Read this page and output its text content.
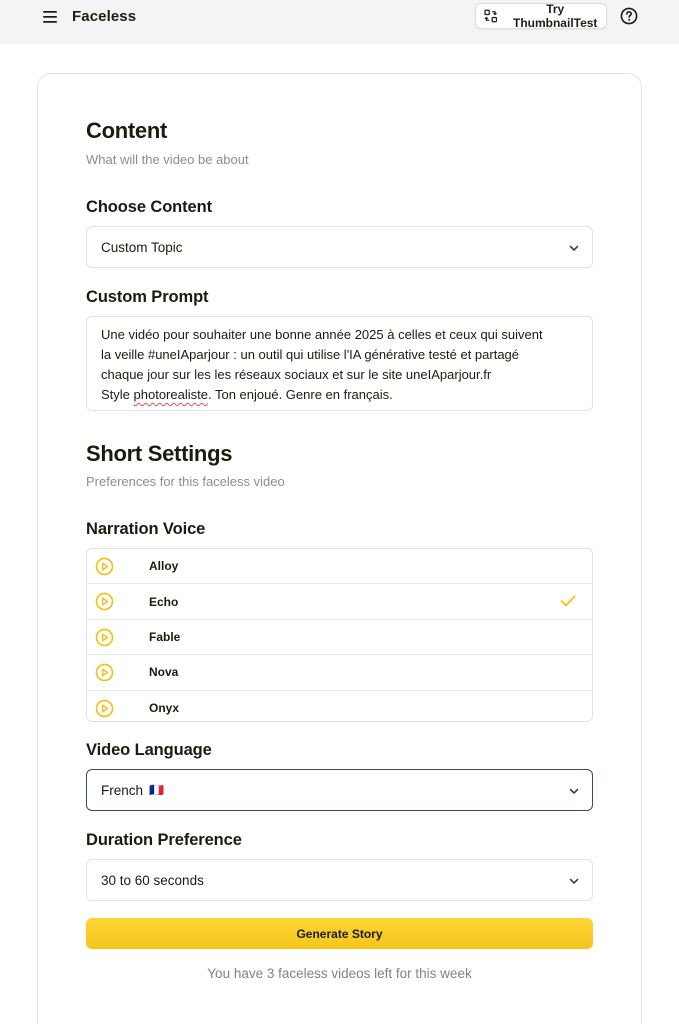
Faceless	Try ThumbnailTest
Content
What will the video be about
Choose Content
Custom Topic
Custom Prompt
Une vidéo pour souhaiter une bonne année 2025 à celles et ceux qui suivent
la veille #uneIAparjour : un outil qui utilise l'IA générative testé et partagé
chaque jour sur les les réseaux sociaux et sur le site uneIAparjour.fr
Style photorealiste. Ton enjoué. Genre en français.
Short Settings
Preferences for this faceless video
Narration Voice
Alloy
Echo
Fable
Nova
Onyx
Video Language
French 🇫🇷
Duration Preference
30 to 60 seconds
Generate Story
You have 3 faceless videos left for this week
